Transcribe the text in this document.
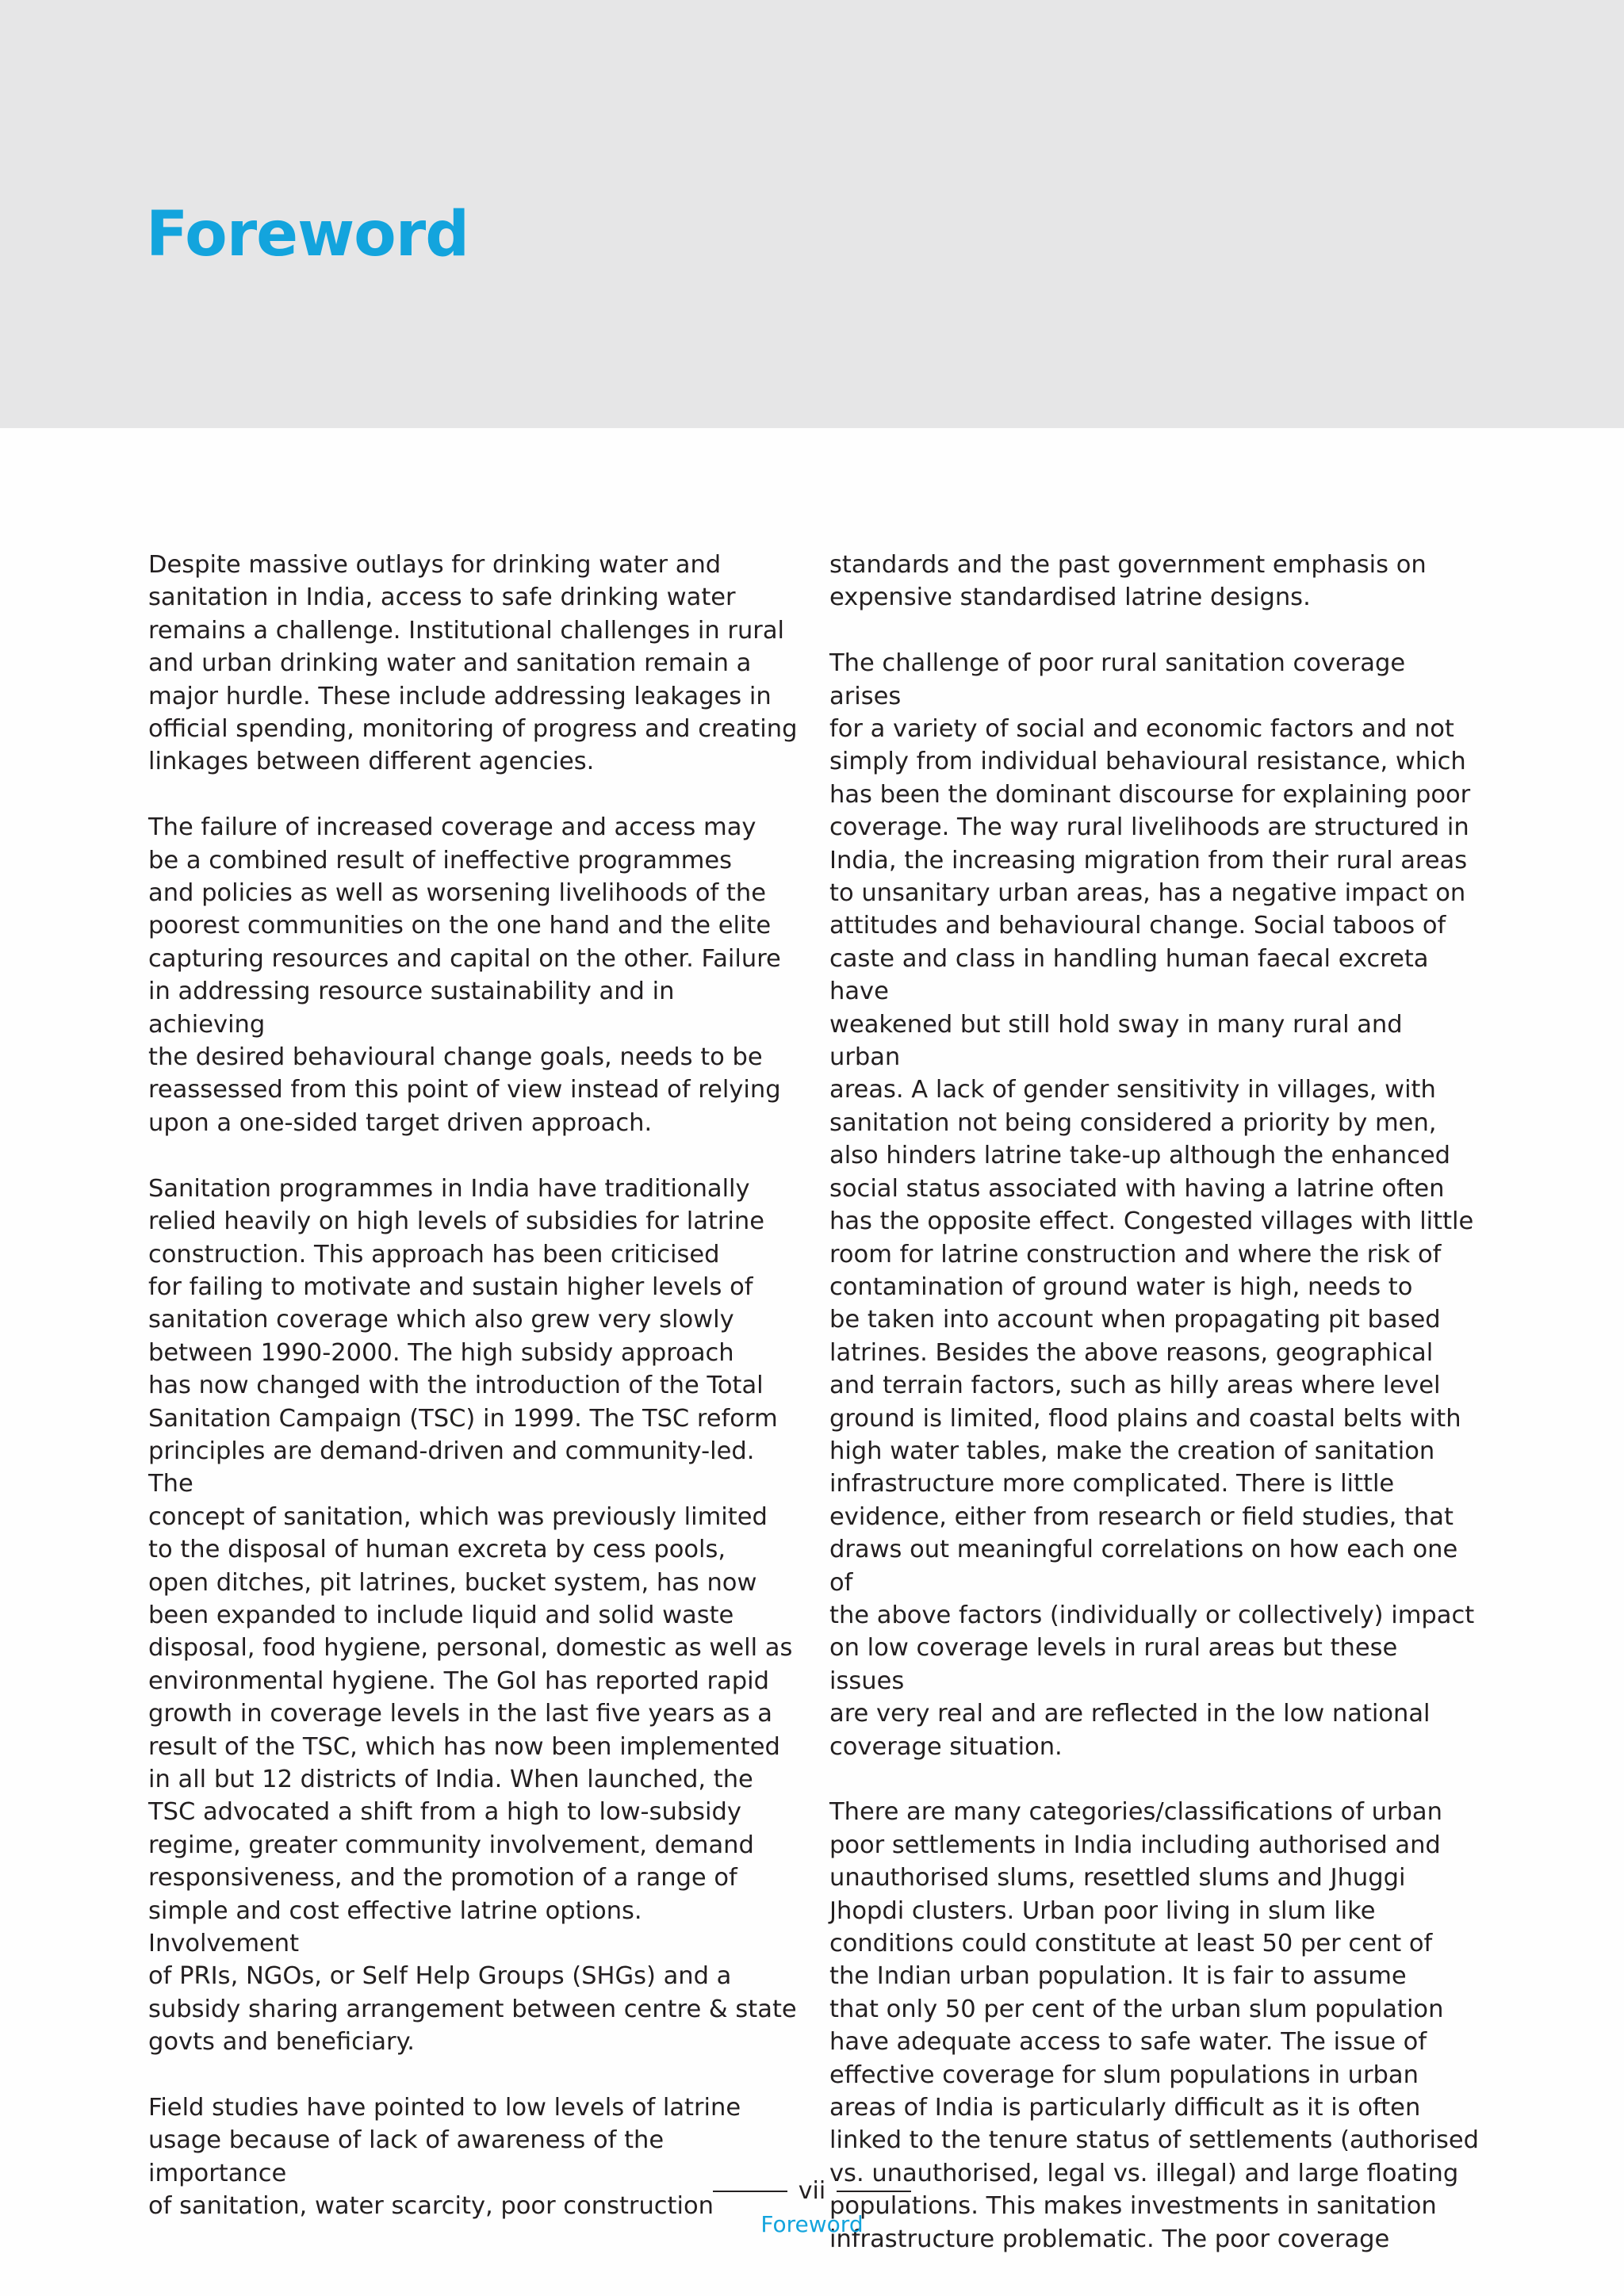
Foreword

Despite massive outlays for drinking water and
sanitation in India, access to safe drinking water
remains a challenge. Institutional challenges in rural
and urban drinking water and sanitation remain a
major hurdle. These include addressing leakages in
official spending, monitoring of progress and creating
linkages between different agencies.

The failure of increased coverage and access may
be a combined result of ineffective programmes
and policies as well as worsening livelihoods of the
poorest communities on the one hand and the elite
capturing resources and capital on the other. Failure
in addressing resource sustainability and in achieving
the desired behavioural change goals, needs to be
reassessed from this point of view instead of relying
upon a one-sided target driven approach.

Sanitation programmes in India have traditionally
relied heavily on high levels of subsidies for latrine
construction. This approach has been criticised
for failing to motivate and sustain higher levels of
sanitation coverage which also grew very slowly
between 1990-2000. The high subsidy approach
has now changed with the introduction of the Total
Sanitation Campaign (TSC) in 1999. The TSC reform
principles are demand-driven and community-led. The
concept of sanitation, which was previously limited
to the disposal of human excreta by cess pools,
open ditches, pit latrines, bucket system, has now
been expanded to include liquid and solid waste
disposal, food hygiene, personal, domestic as well as
environmental hygiene. The GoI has reported rapid
growth in coverage levels in the last five years as a
result of the TSC, which has now been implemented
in all but 12 districts of India. When launched, the
TSC advocated a shift from a high to low-subsidy
regime, greater community involvement, demand
responsiveness, and the promotion of a range of
simple and cost effective latrine options. Involvement
of PRIs, NGOs, or Self Help Groups (SHGs) and a
subsidy sharing arrangement between centre & state
govts and beneficiary.

Field studies have pointed to low levels of latrine
usage because of lack of awareness of the importance
of sanitation, water scarcity, poor construction

standards and the past government emphasis on
expensive standardised latrine designs.

The challenge of poor rural sanitation coverage arises
for a variety of social and economic factors and not
simply from individual behavioural resistance, which
has been the dominant discourse for explaining poor
coverage. The way rural livelihoods are structured in
India, the increasing migration from their rural areas
to unsanitary urban areas, has a negative impact on
attitudes and behavioural change. Social taboos of
caste and class in handling human faecal excreta have
weakened but still hold sway in many rural and urban
areas. A lack of gender sensitivity in villages, with
sanitation not being considered a priority by men,
also hinders latrine take-up although the enhanced
social status associated with having a latrine often
has the opposite effect. Congested villages with little
room for latrine construction and where the risk of
contamination of ground water is high, needs to
be taken into account when propagating pit based
latrines. Besides the above reasons, geographical
and terrain factors, such as hilly areas where level
ground is limited, flood plains and coastal belts with
high water tables, make the creation of sanitation
infrastructure more complicated. There is little
evidence, either from research or field studies, that
draws out meaningful correlations on how each one of
the above factors (individually or collectively) impact
on low coverage levels in rural areas but these issues
are very real and are reflected in the low national
coverage situation.

There are many categories/classifications of urban
poor settlements in India including authorised and
unauthorised slums, resettled slums and Jhuggi
Jhopdi clusters. Urban poor living in slum like
conditions could constitute at least 50 per cent of
the Indian urban population. It is fair to assume
that only 50 per cent of the urban slum population
have adequate access to safe water. The issue of
effective coverage for slum populations in urban
areas of India is particularly difficult as it is often
linked to the tenure status of settlements (authorised
vs. unauthorised, legal vs. illegal) and large floating
populations. This makes investments in sanitation
infrastructure problematic. The poor coverage

vii
Foreword
